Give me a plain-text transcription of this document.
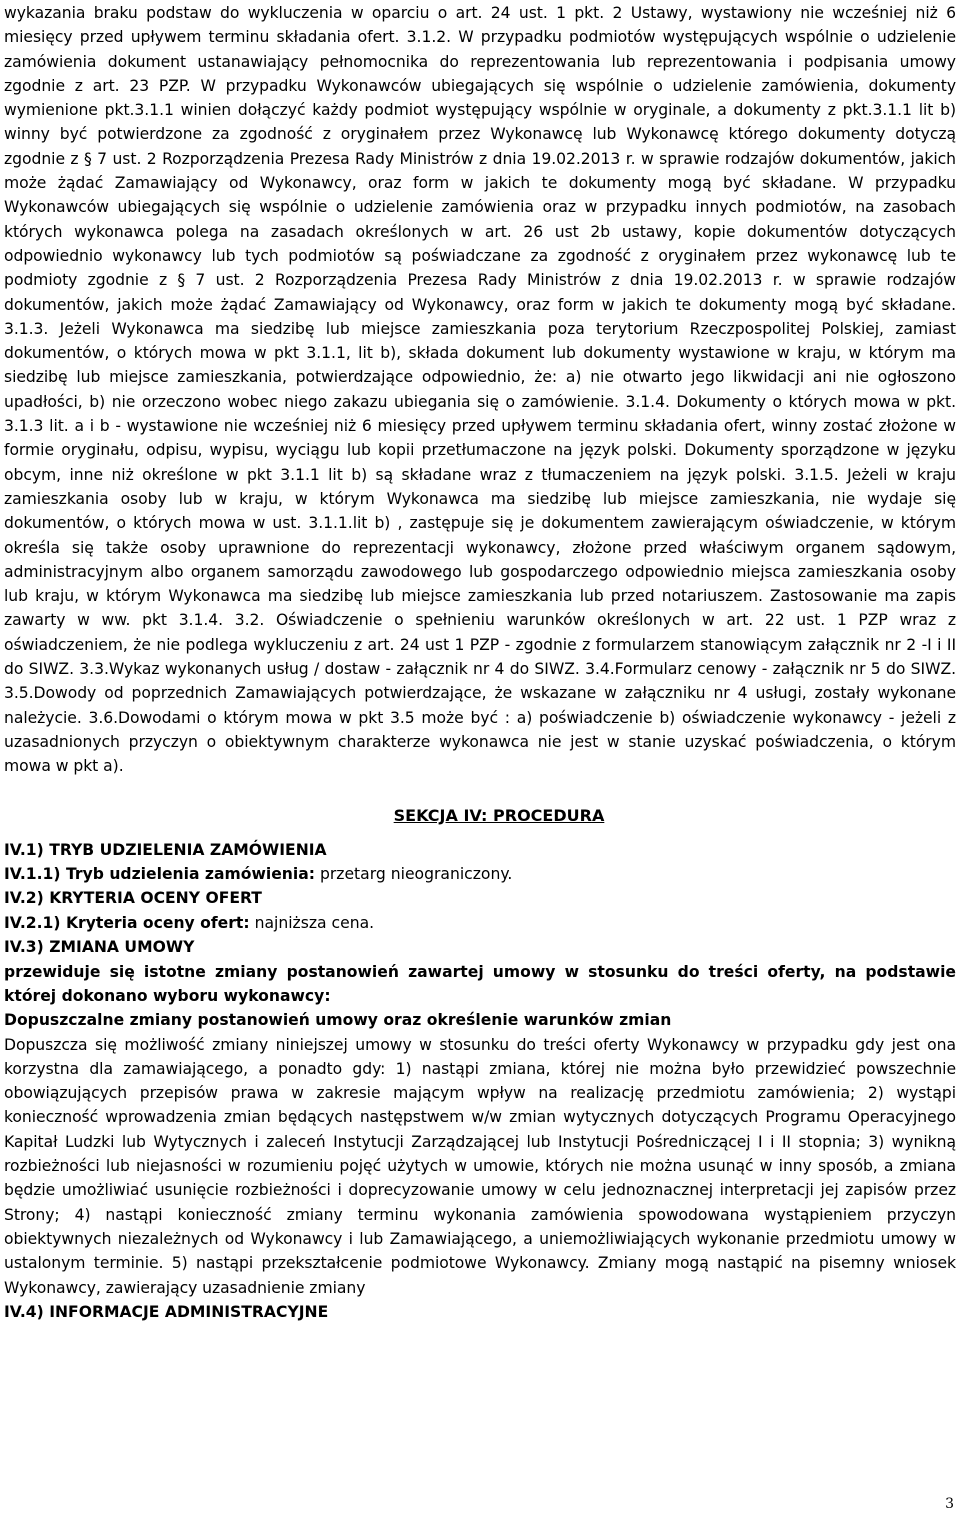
wykazania braku podstaw do wykluczenia w oparciu o art. 24 ust. 1 pkt. 2 Ustawy, wystawiony nie wcześniej niż 6 miesięcy przed upływem terminu składania ofert. 3.1.2. W przypadku podmiotów występujących wspólnie o udzielenie zamówienia dokument ustanawiający pełnomocnika do reprezentowania lub reprezentowania i podpisania umowy zgodnie z art. 23 PZP. W przypadku Wykonawców ubiegających się wspólnie o udzielenie zamówienia, dokumenty wymienione pkt.3.1.1 winien dołączyć każdy podmiot występujący wspólnie w oryginale, a dokumenty z pkt.3.1.1 lit b) winny być potwierdzone za zgodność z oryginałem przez Wykonawcę lub Wykonawcę którego dokumenty dotyczą zgodnie z § 7 ust. 2 Rozporządzenia Prezesa Rady Ministrów z dnia 19.02.2013 r. w sprawie rodzajów dokumentów, jakich może żądać Zamawiający od Wykonawcy, oraz form w jakich te dokumenty mogą być składane. W przypadku Wykonawców ubiegających się wspólnie o udzielenie zamówienia oraz w przypadku innych podmiotów, na zasobach których wykonawca polega na zasadach określonych w art. 26 ust 2b ustawy, kopie dokumentów dotyczących odpowiednio wykonawcy lub tych podmiotów są poświadczane za zgodność z oryginałem przez wykonawcę lub te podmioty zgodnie z § 7 ust. 2 Rozporządzenia Prezesa Rady Ministrów z dnia 19.02.2013 r. w sprawie rodzajów dokumentów, jakich może żądać Zamawiający od Wykonawcy, oraz form w jakich te dokumenty mogą być składane. 3.1.3. Jeżeli Wykonawca ma siedzibę lub miejsce zamieszkania poza terytorium Rzeczpospolitej Polskiej, zamiast dokumentów, o których mowa w pkt 3.1.1, lit b), składa dokument lub dokumenty wystawione w kraju, w którym ma siedzibę lub miejsce zamieszkania, potwierdzające odpowiednio, że: a) nie otwarto jego likwidacji ani nie ogłoszono upadłości, b) nie orzeczono wobec niego zakazu ubiegania się o zamówienie. 3.1.4. Dokumenty o których mowa w pkt. 3.1.3 lit. a i b - wystawione nie wcześniej niż 6 miesięcy przed upływem terminu składania ofert, winny zostać złożone w formie oryginału, odpisu, wypisu, wyciągu lub kopii przetłumaczone na język polski. Dokumenty sporządzone w języku obcym, inne niż określone w pkt 3.1.1 lit b) są składane wraz z tłumaczeniem na język polski. 3.1.5. Jeżeli w kraju zamieszkania osoby lub w kraju, w którym Wykonawca ma siedzibę lub miejsce zamieszkania, nie wydaje się dokumentów, o których mowa w ust. 3.1.1.lit b) , zastępuje się je dokumentem zawierającym oświadczenie, w którym określa się także osoby uprawnione do reprezentacji wykonawcy, złożone przed właściwym organem sądowym, administracyjnym albo organem samorządu zawodowego lub gospodarczego odpowiednio miejsca zamieszkania osoby lub kraju, w którym Wykonawca ma siedzibę lub miejsce zamieszkania lub przed notariuszem. Zastosowanie ma zapis zawarty w ww. pkt 3.1.4. 3.2. Oświadczenie o spełnieniu warunków określonych w art. 22 ust. 1 PZP wraz z oświadczeniem, że nie podlega wykluczeniu z art. 24 ust 1 PZP - zgodnie z formularzem stanowiącym załącznik nr 2 -I i II do SIWZ. 3.3.Wykaz wykonanych usług / dostaw - załącznik nr 4 do SIWZ. 3.4.Formularz cenowy - załącznik nr 5 do SIWZ. 3.5.Dowody od poprzednich Zamawiających potwierdzające, że wskazane w załączniku nr 4 usługi, zostały wykonane należycie. 3.6.Dowodami o którym mowa w pkt 3.5 może być : a) poświadczenie b) oświadczenie wykonawcy - jeżeli z uzasadnionych przyczyn o obiektywnym charakterze wykonawca nie jest w stanie uzyskać poświadczenia, o którym mowa w pkt a).

SEKCJA IV: PROCEDURA

IV.1) TRYB UDZIELENIA ZAMÓWIENIA

IV.1.1) Tryb udzielenia zamówienia: przetarg nieograniczony.

IV.2) KRYTERIA OCENY OFERT

IV.2.1) Kryteria oceny ofert: najniższa cena.

IV.3) ZMIANA UMOWY

przewiduje się istotne zmiany postanowień zawartej umowy w stosunku do treści oferty, na podstawie której dokonano wyboru wykonawcy:

Dopuszczalne zmiany postanowień umowy oraz określenie warunków zmian

Dopuszcza się możliwość zmiany niniejszej umowy w stosunku do treści oferty Wykonawcy w przypadku gdy jest ona korzystna dla zamawiającego, a ponadto gdy: 1) nastąpi zmiana, której nie można było przewidzieć powszechnie obowiązujących przepisów prawa w zakresie mającym wpływ na realizację przedmiotu zamówienia; 2) wystąpi konieczność wprowadzenia zmian będących następstwem w/w zmian wytycznych dotyczących Programu Operacyjnego Kapitał Ludzki lub Wytycznych i zaleceń Instytucji Zarządzającej lub Instytucji Pośredniczącej I i II stopnia; 3) wynikną rozbieżności lub niejasności w rozumieniu pojęć użytych w umowie, których nie można usunąć w inny sposób, a zmiana będzie umożliwiać usunięcie rozbieżności i doprecyzowanie umowy w celu jednoznacznej interpretacji jej zapisów przez Strony; 4) nastąpi konieczność zmiany terminu wykonania zamówienia spowodowana wystąpieniem przyczyn obiektywnych niezależnych od Wykonawcy i lub Zamawiającego, a uniemożliwiających wykonanie przedmiotu umowy w ustalonym terminie. 5) nastąpi przekształcenie podmiotowe Wykonawcy. Zmiany mogą nastąpić na pisemny wniosek Wykonawcy, zawierający uzasadnienie zmiany

IV.4) INFORMACJE ADMINISTRACYJNE

3
